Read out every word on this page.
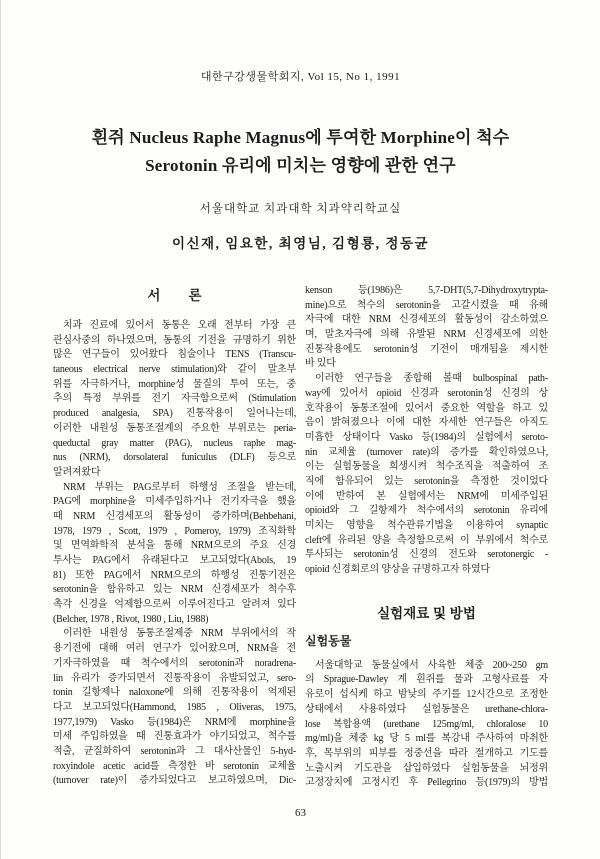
대한구강생물학회지, Vol 15, No 1, 1991
흰쥐 Nucleus Raphe Magnus에 투여한 Morphine이 척수
Serotonin 유리에 미치는 영향에 관한 연구
서울대학교 치과대학 치과약리학교실
이신재, 임요한, 최영님, 김형룡, 정동균
서 론
치과 진료에 있어서 동통은 오래 전부터 가장 큰
관심사중의 하나였으며, 동통의 기전을 규명하기 위한
많은 연구들이 있어왔다 침술이나 TENS (Transcu-
taneous electrical nerve stimulation)와 같이 말초부
위를 자극하거나, morphine성 물질의 투여 또는, 중
추의 특정 부위를 전기 자극함으로써 (Stimulation
produced analgesia, SPA) 진통작용이 일어나는데,
이러한 내원성 동통조절계의 주요한 부위로는 peria-
queductal gray matter (PAG), nucleus raphe mag-
nus (NRM), dorsolateral funiculus (DLF) 등으로
알려져왔다
NRM 부위는 PAG로부터 하행성 조절을 받는데,
PAG에 morphine을 미세주입하거나 전기자극을 했을
때 NRM 신경세포의 활동성이 증가하며(Behbehani,
1978, 1979 , Scott, 1979 , Pomeroy, 1979) 조직화학
및 면역화학적 분석을 통해 NRM으로의 주요 신경
투사는 PAG에서 유래된다고 보고되었다(Abols, 19
81) 또한 PAG에서 NRM으로의 하행성 진통기전은
serotonin을 함유하고 있는 NRM 신경세포가 척수후
촉각 신경을 억제함으로써 이루어진다고 알려져 있다
(Belcher, 1978 , Rivot, 1980 , Liu, 1988)
이러한 내원성 동통조절제중 NRM 부위에서의 작
용기전에 대해 여러 연구가 있어왔으며, NRM을 전
기자극하였을 때 척수에서의 serotonin과 noradrena-
lin 유리가 증가되면서 진통작용이 유발되었고, sero-
tonin 길항제나 naloxone에 의해 진통작용이 억제된
다고 보고되었다(Hammond, 1985 , Oliveras, 1975,
1977,1979) Vasko 등(1984)은 NRM에 morphine을
미세 주입하였을 때 진통효과가 야기되었고, 척수를
적출, 균질화하여 serotonin과 그 대사산물인 5-hyd-
roxyindole acetic acid를 측정한 바 serotonin 교체율
(turnover rate)이 증가되었다고 보고하였으며, Dic-
kenson 등(1986)은 5,7-DHT(5,7-Dihydroxytrypta-
mine)으로 척수의 serotonin을 고갈시켰을 때 유해
자극에 대한 NRM 신경세포의 활동성이 감소하였으
며, 말초자극에 의해 유발된 NRM 신경세포에 의한
진통작용에도 serotonin성 기전이 매개됨을 제시한
바 있다
이러한 연구들을 종합해 볼때 bulbospinal path-
way에 있어서 opioid 신경과 serotonin성 신경의 상
호작용이 동통조절에 있어서 중요한 역할을 하고 있
음이 밝혀졌으나 이에 대한 자세한 연구들은 아직도
미흡한 상태이다 Vasko 등(1984)의 실험에서 seroto-
nin 교체율 (turnover rate)의 증가를 확인하였으나,
이는 실험동물을 희생시켜 척수조직을 적출하여 조
직에 함유되어 있는 serotonin을 측정한 것이었다
이에 반하여 본 실험에서는 NRM에 미세주입된
opioid와 그 길항제가 척수에서의 serotonin 유리에
미치는 영향을 척수관류기법을 이용하여 synaptic
cleft에 유리된 양을 측정함으로써 이 부위에서 척수로
투사되는 serotonin성 신경의 전도와 serotonergic -
opioid 신경회로의 양상을 규명하고자 하였다
실험재료 및 방법
실험동물
서울대학교 동물실에서 사육한 체중 200~250 gm
의 Sprague-Dawley 계 흰쥐를 물과 고형사료를 자
유로이 섭식케 하고 밤낮의 주기를 12시간으로 조정한
상태에서 사용하였다 실험동물은 urethane-chlora-
lose 복합용액 (urethane 125mg/ml, chloralose 10
mg/ml)을 체중 kg 당 5 ml를 복강내 주사하여 마취한
후, 목부위의 피부를 정중선을 따라 절개하고 기도를
노출시켜 기도관을 삽입하였다 실험동물을 뇌정위
고정장치에 고정시킨 후 Pellegrino 등(1979)의 방법
63
